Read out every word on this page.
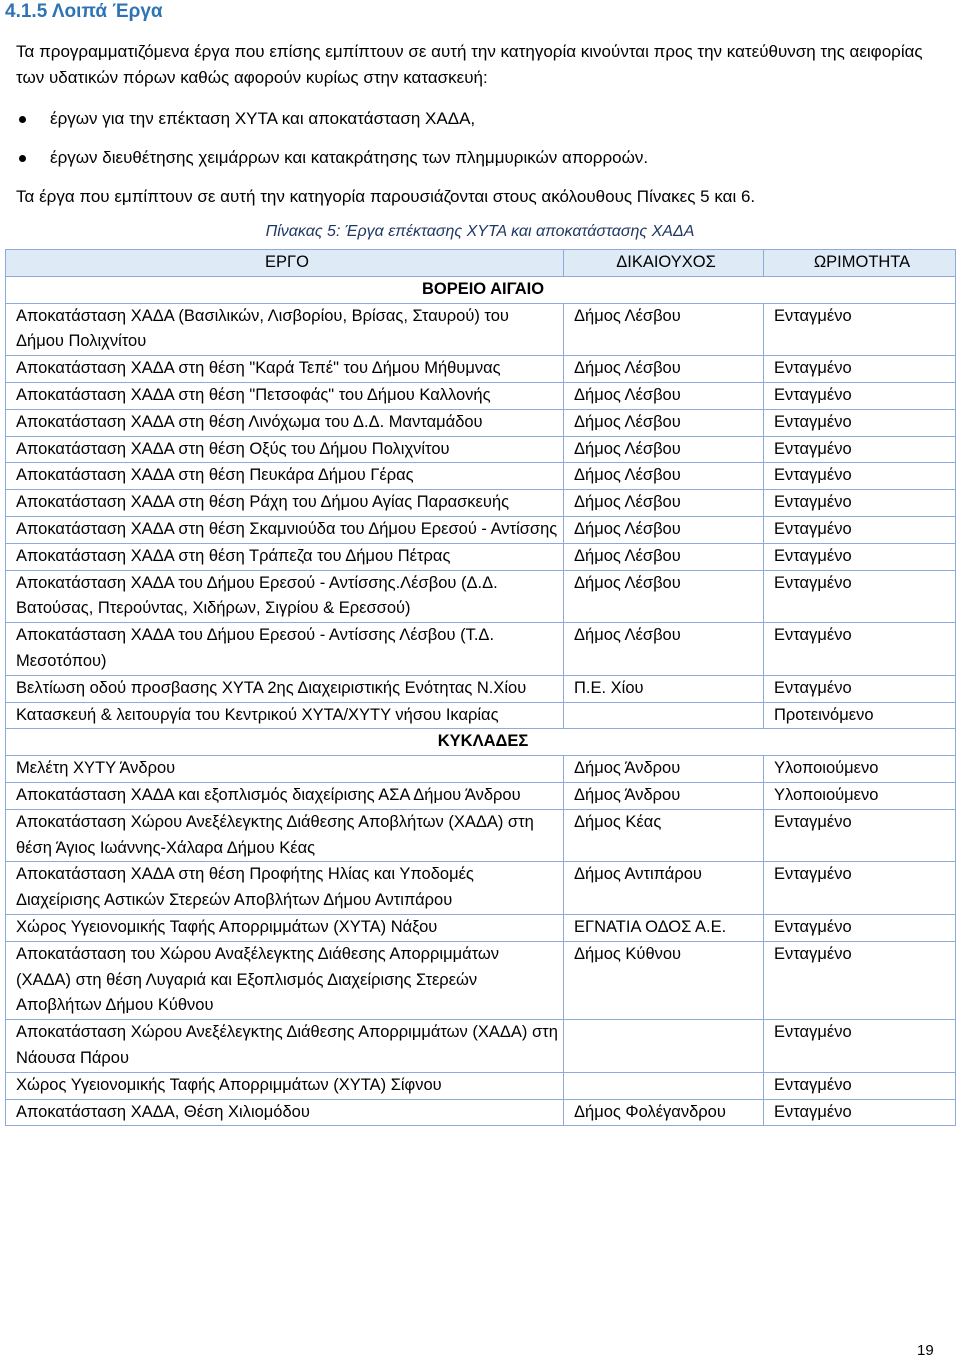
4.1.5 Λοιπά Έργα
Τα προγραμματιζόμενα έργα που επίσης εμπίπτουν σε αυτή την κατηγορία κινούνται προς την κατεύθυνση της αειφορίας των υδατικών πόρων καθώς αφορούν κυρίως στην κατασκευή:
έργων για την επέκταση ΧΥΤΑ και αποκατάσταση ΧΑΔΑ,
έργων διευθέτησης χειμάρρων και κατακράτησης των πλημμυρικών απορροών.
Τα έργα που εμπίπτουν σε αυτή την κατηγορία παρουσιάζονται στους ακόλουθους Πίνακες 5 και 6.
Πίνακας 5: Έργα επέκτασης ΧΥΤΑ και αποκατάστασης ΧΑΔΑ
ΕΡΓΟ	ΔΙΚΑΙΟΥΧΟΣ	ΩΡΙΜΟΤΗΤΑ
ΒΟΡΕΙΟ ΑΙΓΑΙΟ		
Αποκατάσταση ΧΑΔΑ (Βασιλικών, Λισβορίου, Βρίσας, Σταυρού) του Δήμου Πολιχνίτου	Δήμος Λέσβου	Ενταγμένο
Αποκατάσταση ΧΑΔΑ στη θέση "Καρά Τεπέ" του Δήμου Μήθυμνας	Δήμος Λέσβου	Ενταγμένο
Αποκατάσταση ΧΑΔΑ στη θέση "Πετσοφάς" του Δήμου Καλλονής	Δήμος Λέσβου	Ενταγμένο
Αποκατάσταση ΧΑΔΑ στη θέση Λινόχωμα του Δ.Δ. Μανταμάδου	Δήμος Λέσβου	Ενταγμένο
Αποκατάσταση ΧΑΔΑ στη θέση Οξύς του Δήμου Πολιχνίτου	Δήμος Λέσβου	Ενταγμένο
Αποκατάσταση ΧΑΔΑ στη θέση Πευκάρα Δήμου Γέρας	Δήμος Λέσβου	Ενταγμένο
Αποκατάσταση ΧΑΔΑ στη θέση Ράχη του Δήμου Αγίας Παρασκευής	Δήμος Λέσβου	Ενταγμένο
Αποκατάσταση ΧΑΔΑ στη θέση Σκαμνιούδα του Δήμου Ερεσού - Αντίσσης	Δήμος Λέσβου	Ενταγμένο
Αποκατάσταση ΧΑΔΑ στη θέση Τράπεζα του Δήμου Πέτρας	Δήμος Λέσβου	Ενταγμένο
Αποκατάσταση ΧΑΔΑ του Δήμου Ερεσού - Αντίσσης.Λέσβου (Δ.Δ. Βατούσας, Πτερούντας, Χιδήρων, Σιγρίου & Ερεσσού)	Δήμος Λέσβου	Ενταγμένο
Αποκατάσταση ΧΑΔΑ του Δήμου Ερεσού - Αντίσσης Λέσβου (Τ.Δ. Μεσοτόπου)	Δήμος Λέσβου	Ενταγμένο
Βελτίωση οδού προσβασης ΧΥΤΑ 2ης Διαχειριστικής Ενότητας Ν.Χίου	Π.Ε. Χίου	Ενταγμένο
Κατασκευή & λειτουργία του Κεντρικού ΧΥΤΑ/ΧΥΤΥ νήσου Ικαρίας		Προτεινόμενο
ΚΥΚΛΑΔΕΣ		
Μελέτη ΧΥΤΥ Άνδρου	Δήμος Άνδρου	Υλοποιούμενο
Αποκατάσταση ΧΑΔΑ και εξοπλισμός διαχείρισης ΑΣΑ Δήμου Άνδρου	Δήμος Άνδρου	Υλοποιούμενο
Αποκατάσταση Χώρου Ανεξέλεγκτης Διάθεσης Αποβλήτων (ΧΑΔΑ) στη θέση Άγιος Ιωάννης-Χάλαρα Δήμου Κέας	Δήμος Κέας	Ενταγμένο
Αποκατάσταση ΧΑΔΑ στη θέση Προφήτης Ηλίας και Υποδομές Διαχείρισης Αστικών Στερεών Αποβλήτων Δήμου Αντιπάρου	Δήμος Αντιπάρου	Ενταγμένο
Χώρος Υγειονομικής Ταφής Απορριμμάτων (ΧΥΤΑ) Νάξου	ΕΓΝΑΤΙΑ ΟΔΟΣ Α.Ε.	Ενταγμένο
Αποκατάσταση του Χώρου Αναξέλεγκτης Διάθεσης Απορριμμάτων (ΧΑΔΑ) στη θέση Λυγαριά και Εξοπλισμός Διαχείρισης Στερεών Αποβλήτων Δήμου Κύθνου	Δήμος Κύθνου	Ενταγμένο
Αποκατάσταση Χώρου Ανεξέλεγκτης Διάθεσης Απορριμμάτων (ΧΑΔΑ) στη Νάουσα Πάρου		Ενταγμένο
Χώρος Υγειονομικής Ταφής Απορριμμάτων (ΧΥΤΑ) Σίφνου		Ενταγμένο
Αποκατάσταση ΧΑΔΑ, Θέση Χιλιομόδου	Δήμος Φολέγανδρου	Ενταγμένο
19
